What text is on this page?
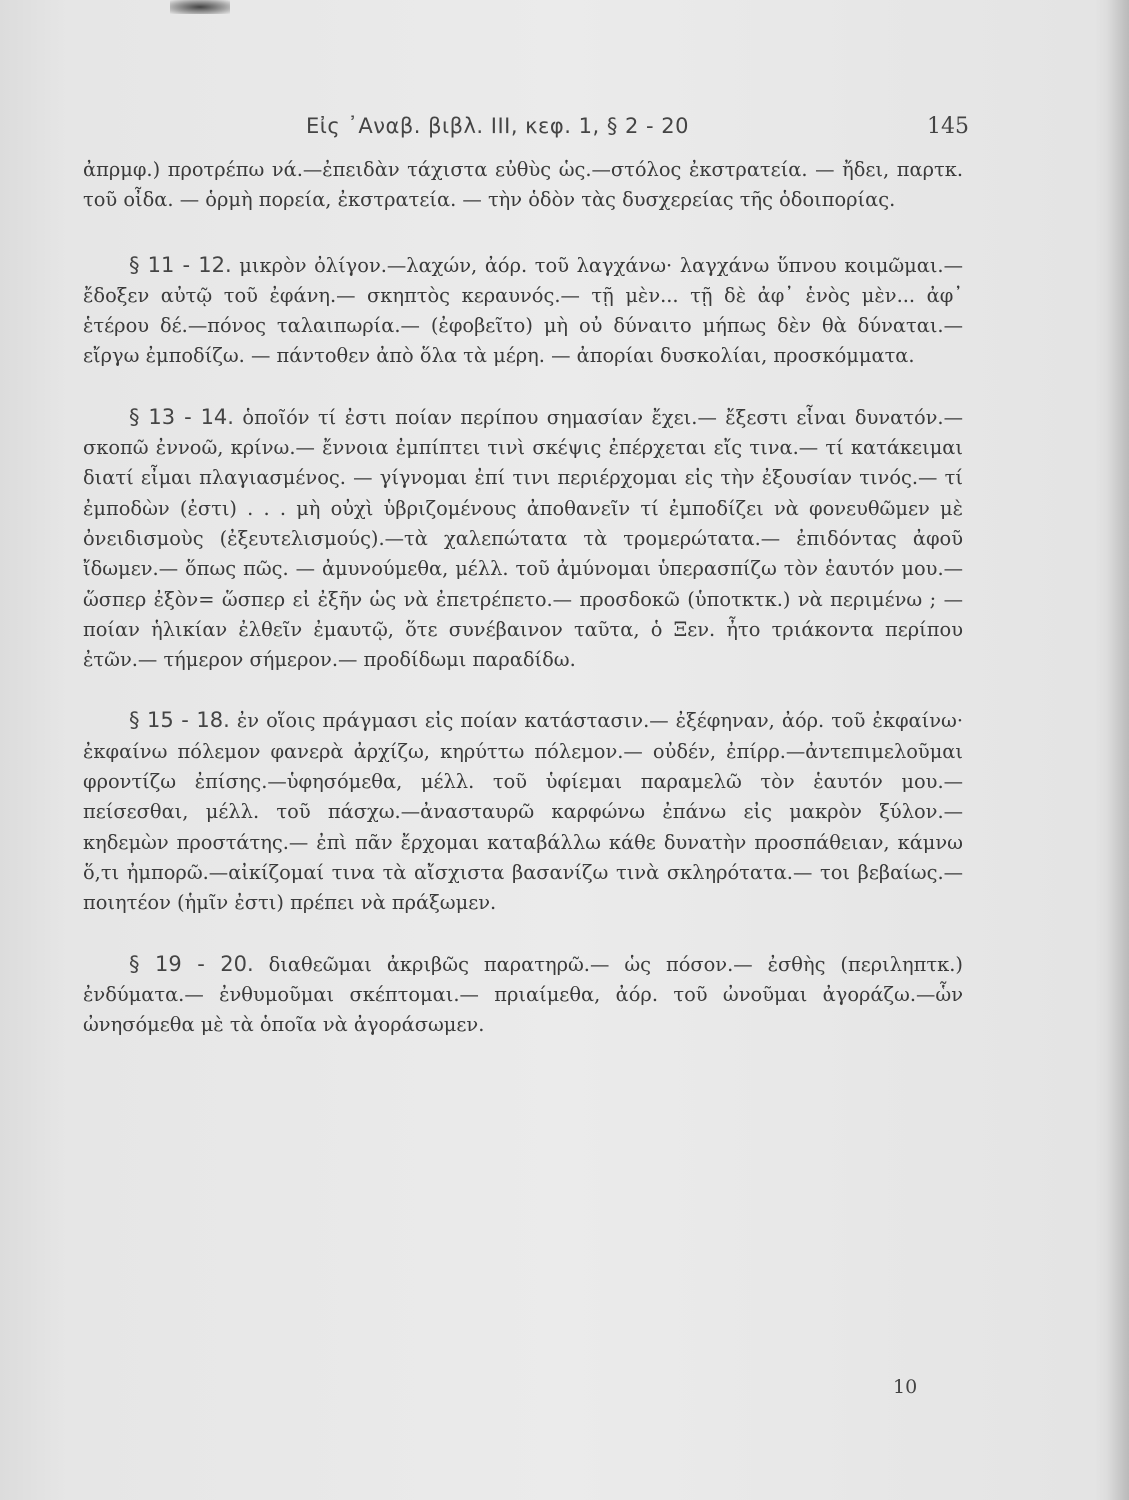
Εἰς ᾿Αναβ. βιβλ. ΙΙΙ, κεφ. 1, § 2 - 20	145

ἀπρμφ.) προτρέπω νά.—ἐπειδὰν τάχιστα εὐθὺς ὡς.—στόλος ἐκστρατεία. — ἤδει, παρτκ. τοῦ οἶδα. — ὁρμὴ πορεία, ἐκστρατεία. — τὴν ὁδὸν τὰς δυσχερείας τῆς ὁδοιπορίας.

§ 11 - 12. μικρὸν ὀλίγον.—λαχών, ἀόρ. τοῦ λαγχάνω· λαγχάνω ὕπνου κοιμῶμαι.—ἔδοξεν αὐτῷ τοῦ ἐφάνη.— σκηπτὸς κεραυνός.— τῇ μὲν... τῇ δὲ ἀφ᾽ ἑνὸς μὲν... ἀφ᾽ ἑτέρου δέ.—πόνος ταλαιπωρία.— (ἐφοβεῖτο) μὴ οὐ δύναιτο μήπως δὲν θὰ δύναται.—εἴργω ἐμποδίζω. — πάντοθεν ἀπὸ ὅλα τὰ μέρη. — ἀπορίαι δυσκολίαι, προσκόμματα.

§ 13 - 14. ὁποῖόν τί ἐστι ποίαν περίπου σημασίαν ἔχει.— ἔξεστι εἶναι δυνατόν.— σκοπῶ ἐννοῶ, κρίνω.— ἔννοια ἐμπίπτει τινὶ σκέψις ἐπέρχεται εἴς τινα.— τί κατάκειμαι διατί εἶμαι πλαγιασμένος. — γίγνομαι ἐπί τινι περιέρχομαι εἰς τὴν ἐξουσίαν τινός.— τί ἐμποδὼν (ἐστι) . . . μὴ οὐχὶ ὑβριζομένους ἀποθανεῖν τί ἐμποδίζει νὰ φονευθῶμεν μὲ ὀνειδισμοὺς (ἐξευτελισμούς).—τὰ χαλεπώτατα τὰ τρομερώτατα.— ἐπιδόντας ἀφοῦ ἴδωμεν.— ὅπως πῶς. — ἀμυνούμεθα, μέλλ. τοῦ ἀμύνομαι ὑπερασπίζω τὸν ἑαυτόν μου.— ὥσπερ ἐξὸν= ὥσπερ εἰ ἐξῆν ὡς νὰ ἐπετρέπετο.— προσδοκῶ (ὑποτκτκ.) νὰ περιμένω ; — ποίαν ἡλικίαν ἐλθεῖν ἐμαυτῷ, ὅτε συνέβαινον ταῦτα, ὁ Ξεν. ἦτο τριάκοντα περίπου ἐτῶν.— τήμερον σήμερον.— προδίδωμι παραδίδω.

§ 15 - 18. ἐν οἵοις πράγμασι εἰς ποίαν κατάστασιν.— ἐξέφηναν, ἀόρ. τοῦ ἐκφαίνω· ἐκφαίνω πόλεμον φανερὰ ἀρχίζω, κηρύττω πόλεμον.— οὐδέν, ἐπίρρ.—ἀντεπιμελοῦμαι φροντίζω ἐπίσης.—ὑφησόμεθα, μέλλ. τοῦ ὑφίεμαι παραμελῶ τὸν ἑαυτόν μου.— πείσεσθαι, μέλλ. τοῦ πάσχω.—ἀνασταυρῶ καρφώνω ἐπάνω εἰς μακρὸν ξύλον.— κηδεμὼν προστάτης.— ἐπὶ πᾶν ἔρχομαι καταβάλλω κάθε δυνατὴν προσπάθειαν, κάμνω ὅ,τι ἠμπορῶ.—αἰκίζομαί τινα τὰ αἴσχιστα βασανίζω τινὰ σκληρότατα.— τοι βεβαίως.— ποιητέον (ἡμῖν ἐστι) πρέπει νὰ πράξωμεν.

§ 19 - 20. διαθεῶμαι ἀκριβῶς παρατηρῶ.— ὡς πόσον.— ἐσθὴς (περιληπτκ.) ἐνδύματα.— ἐνθυμοῦμαι σκέπτομαι.— πριαίμεθα, ἀόρ. τοῦ ὠνοῦμαι ἀγοράζω.—ὧν ὠνησόμεθα μὲ τὰ ὁποῖα νὰ ἀγοράσωμεν.

10
